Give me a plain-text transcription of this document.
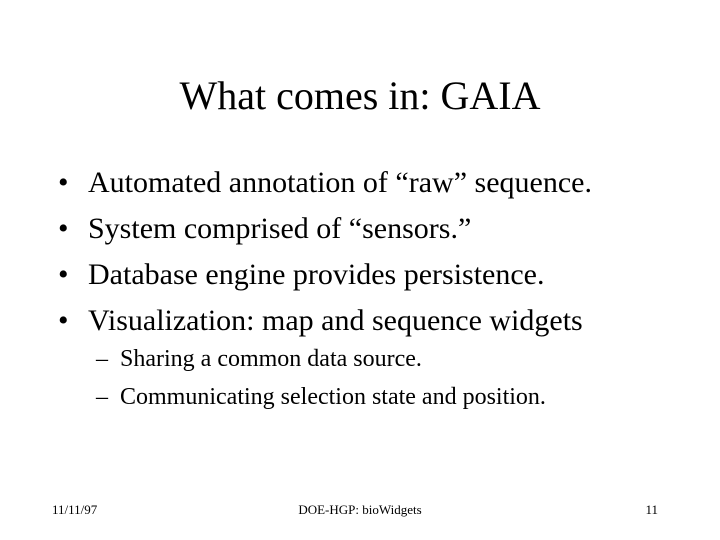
What comes in: GAIA
• Automated annotation of “raw” sequence.
• System comprised of “sensors.”
• Database engine provides persistence.
• Visualization: map and sequence widgets
– Sharing a common data source.
– Communicating selection state and position.
11/11/97	DOE-HGP: bioWidgets	11
